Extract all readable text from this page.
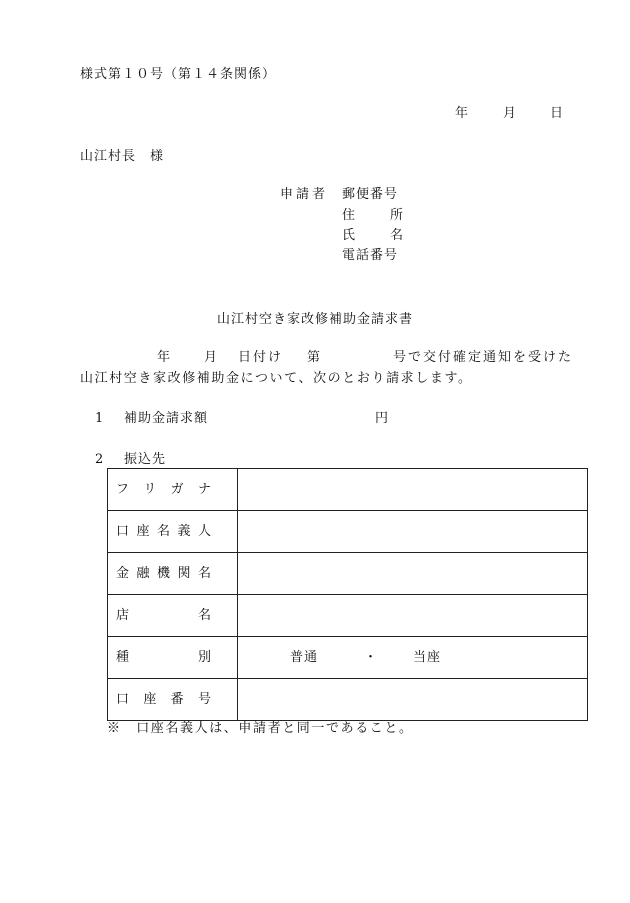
様式第１０号（第１４条関係）
年	月	日
山江村長 様
申請者 郵便番号
住	所
氏	名
電話番号
山江村空き家改修補助金請求書
年	月 日付け 第	号で交付確定通知を受けた
山江村空き家改修補助金について、次のとおり請求します。
1 補助金請求額	円
2 振込先
フ リ ガ ナ	

口 座 名 義 人	

金 融 機 関 名	

店 名	

種 別	普通 ・ 当座

口 座 番 号	

※　口座名義人は、申請者と同一であること。
